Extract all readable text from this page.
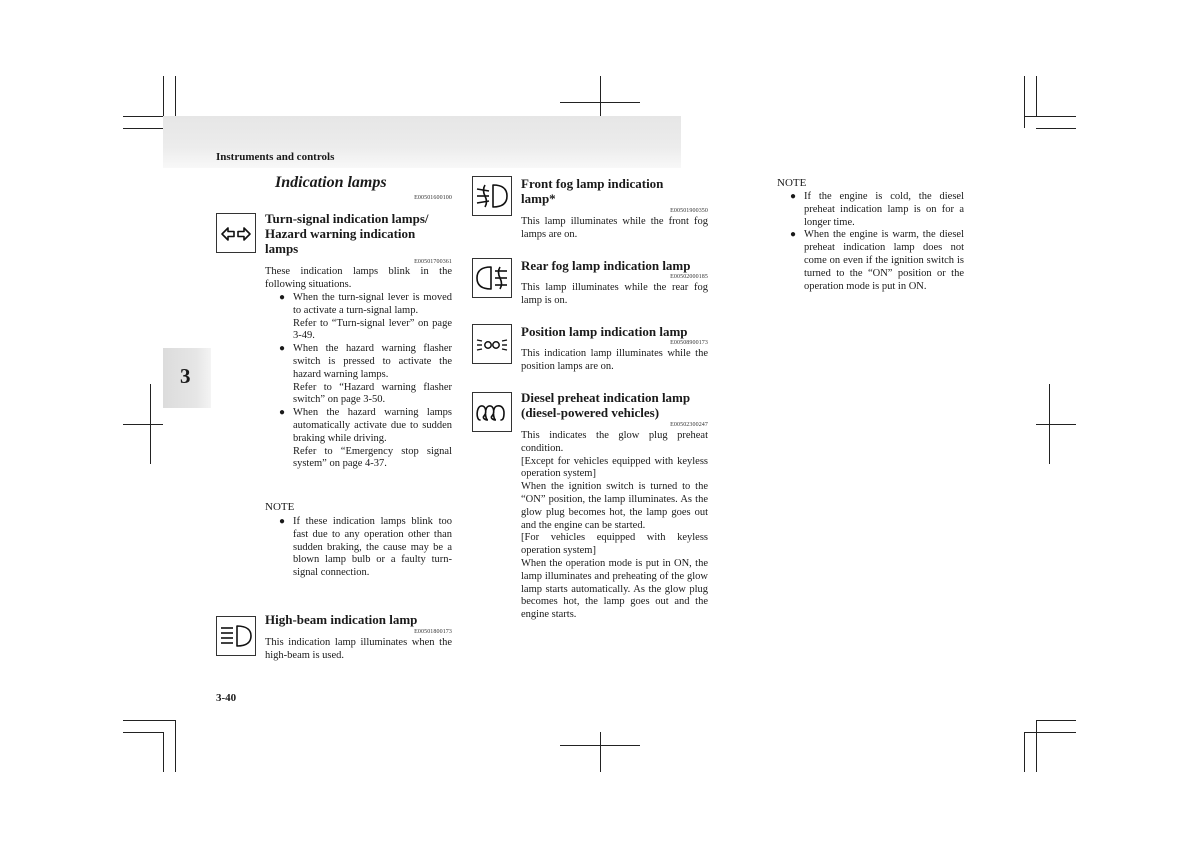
Instruments and controls
3
Indication lamps
E00501600100
Turn-signal indication lamps/
Hazard warning indication
lamps
E00501700361
These indication lamps blink in the following situations.
● When the turn-signal lever is moved to activate a turn-signal lamp.
Refer to “Turn-signal lever” on page 3-49.
● When the hazard warning flasher switch is pressed to activate the hazard warning lamps.
Refer to “Hazard warning flasher switch” on page 3-50.
● When the hazard warning lamps automatically activate due to sudden braking while driving.
Refer to “Emergency stop signal system” on page 4-37.
NOTE
● If these indication lamps blink too fast due to any operation other than sudden braking, the cause may be a blown lamp bulb or a faulty turn-signal connection.
High-beam indication lamp
E00501800173
This indication lamp illuminates when the high-beam is used.
3-40
Front fog lamp indication
lamp*
E00501900350
This lamp illuminates while the front fog lamps are on.
Rear fog lamp indication lamp
E00502000185
This lamp illuminates while the rear fog lamp is on.
Position lamp indication lamp
E00508900173
This indication lamp illuminates while the position lamps are on.
Diesel preheat indication lamp
(diesel-powered vehicles)
E00502300247
This indicates the glow plug preheat condition.
[Except for vehicles equipped with keyless operation system]
When the ignition switch is turned to the “ON” position, the lamp illuminates. As the glow plug becomes hot, the lamp goes out and the engine can be started.
[For vehicles equipped with keyless operation system]
When the operation mode is put in ON, the lamp illuminates and preheating of the glow lamp starts automatically. As the glow plug becomes hot, the lamp goes out and the engine starts.
NOTE
● If the engine is cold, the diesel preheat indication lamp is on for a longer time.
● When the engine is warm, the diesel preheat indication lamp does not come on even if the ignition switch is turned to the “ON” position or the operation mode is put in ON.
